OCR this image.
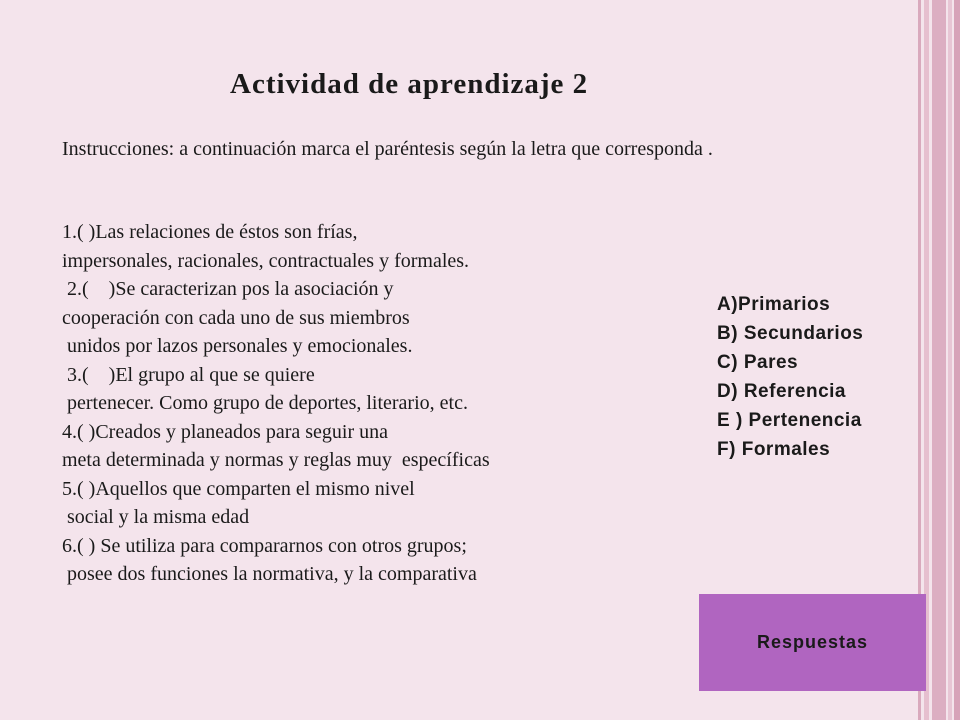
Actividad de aprendizaje 2
Instrucciones: a continuación marca el paréntesis según la letra que corresponda .
1.( )Las relaciones de éstos son frías,
impersonales, racionales, contractuales y formales.
2.(    )Se caracterizan pos la asociación y
cooperación con cada uno de sus miembros
unidos por lazos personales y emocionales.
3.(    )El grupo al que se quiere
pertenecer. Como grupo de deportes, literario, etc.
4.( )Creados y planeados para seguir una
meta determinada y normas y reglas muy  específicas
5.( )Aquellos que comparten el mismo nivel
social y la misma edad
6.( ) Se utiliza para compararnos con otros grupos;
posee dos funciones la normativa, y la comparativa
A)Primarios
B) Secundarios
C) Pares
D) Referencia
E ) Pertenencia
F) Formales
Respuestas
